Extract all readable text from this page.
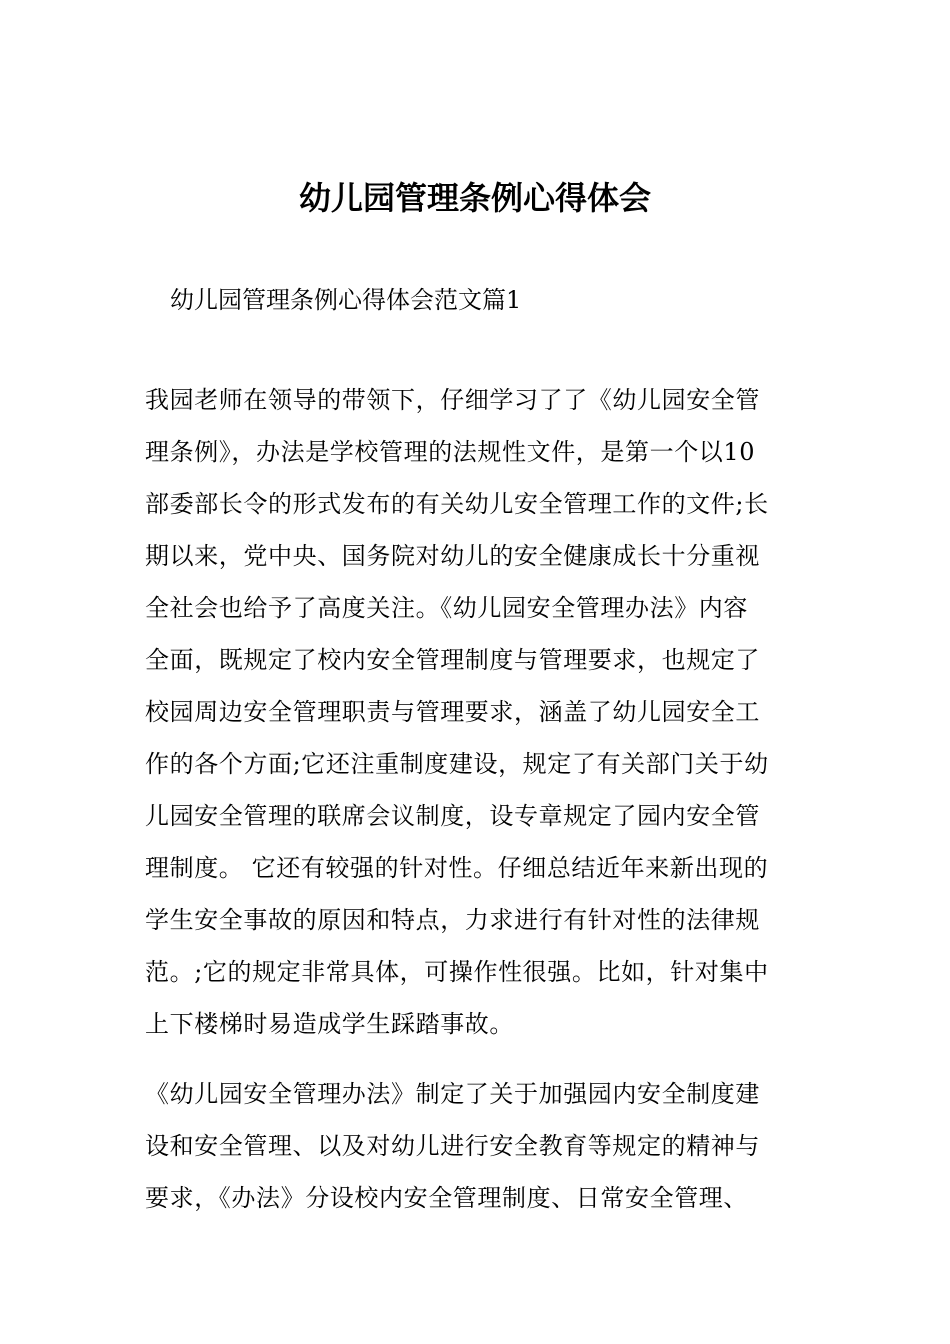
幼儿园管理条例心得体会

幼儿园管理条例心得体会范文篇1

我园老师在领导的带领下，仔细学习了了《幼儿园安全管
理条例》，办法是学校管理的法规性文件，是第一个以10
部委部长令的形式发布的有关幼儿安全管理工作的文件;长
期以来，党中央、国务院对幼儿的安全健康成长十分重视
全社会也给予了高度关注。《幼儿园安全管理办法》内容
全面，既规定了校内安全管理制度与管理要求，也规定了
校园周边安全管理职责与管理要求，涵盖了幼儿园安全工
作的各个方面;它还注重制度建设，规定了有关部门关于幼
儿园安全管理的联席会议制度，设专章规定了园内安全管
理制度。 它还有较强的针对性。仔细总结近年来新出现的
学生安全事故的原因和特点，力求进行有针对性的法律规
范。;它的规定非常具体，可操作性很强。比如，针对集中
上下楼梯时易造成学生踩踏事故。

《幼儿园安全管理办法》制定了关于加强园内安全制度建
设和安全管理、以及对幼儿进行安全教育等规定的精神与
要求，《办法》分设校内安全管理制度、日常安全管理、
